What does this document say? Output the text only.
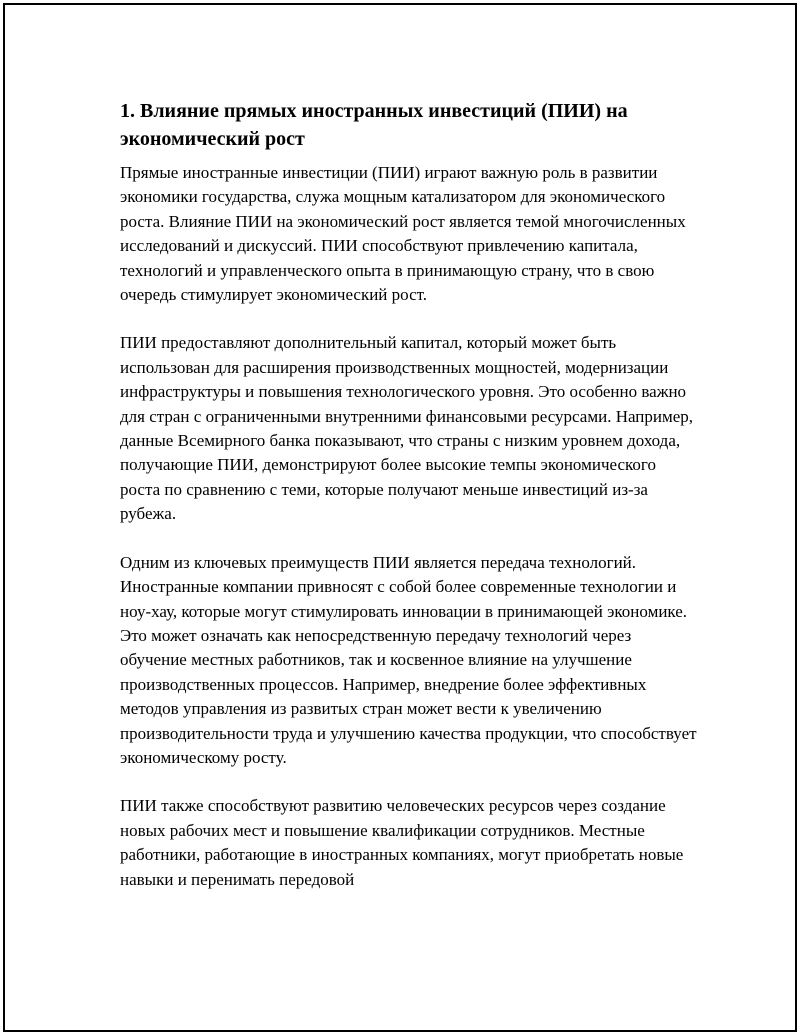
1. Влияние прямых иностранных инвестиций (ПИИ) на экономический рост

Прямые иностранные инвестиции (ПИИ) играют важную роль в развитии экономики государства, служа мощным катализатором для экономического роста. Влияние ПИИ на экономический рост является темой многочисленных исследований и дискуссий. ПИИ способствуют привлечению капитала, технологий и управленческого опыта в принимающую страну, что в свою очередь стимулирует экономический рост.

ПИИ предоставляют дополнительный капитал, который может быть использован для расширения производственных мощностей, модернизации инфраструктуры и повышения технологического уровня. Это особенно важно для стран с ограниченными внутренними финансовыми ресурсами. Например, данные Всемирного банка показывают, что страны с низким уровнем дохода, получающие ПИИ, демонстрируют более высокие темпы экономического роста по сравнению с теми, которые получают меньше инвестиций из-за рубежа.

Одним из ключевых преимуществ ПИИ является передача технологий. Иностранные компании привносят с собой более современные технологии и ноу-хау, которые могут стимулировать инновации в принимающей экономике. Это может означать как непосредственную передачу технологий через обучение местных работников, так и косвенное влияние на улучшение производственных процессов. Например, внедрение более эффективных методов управления из развитых стран может вести к увеличению производительности труда и улучшению качества продукции, что способствует экономическому росту.

ПИИ также способствуют развитию человеческих ресурсов через создание новых рабочих мест и повышение квалификации сотрудников. Местные работники, работающие в иностранных компаниях, могут приобретать новые навыки и перенимать передовой
